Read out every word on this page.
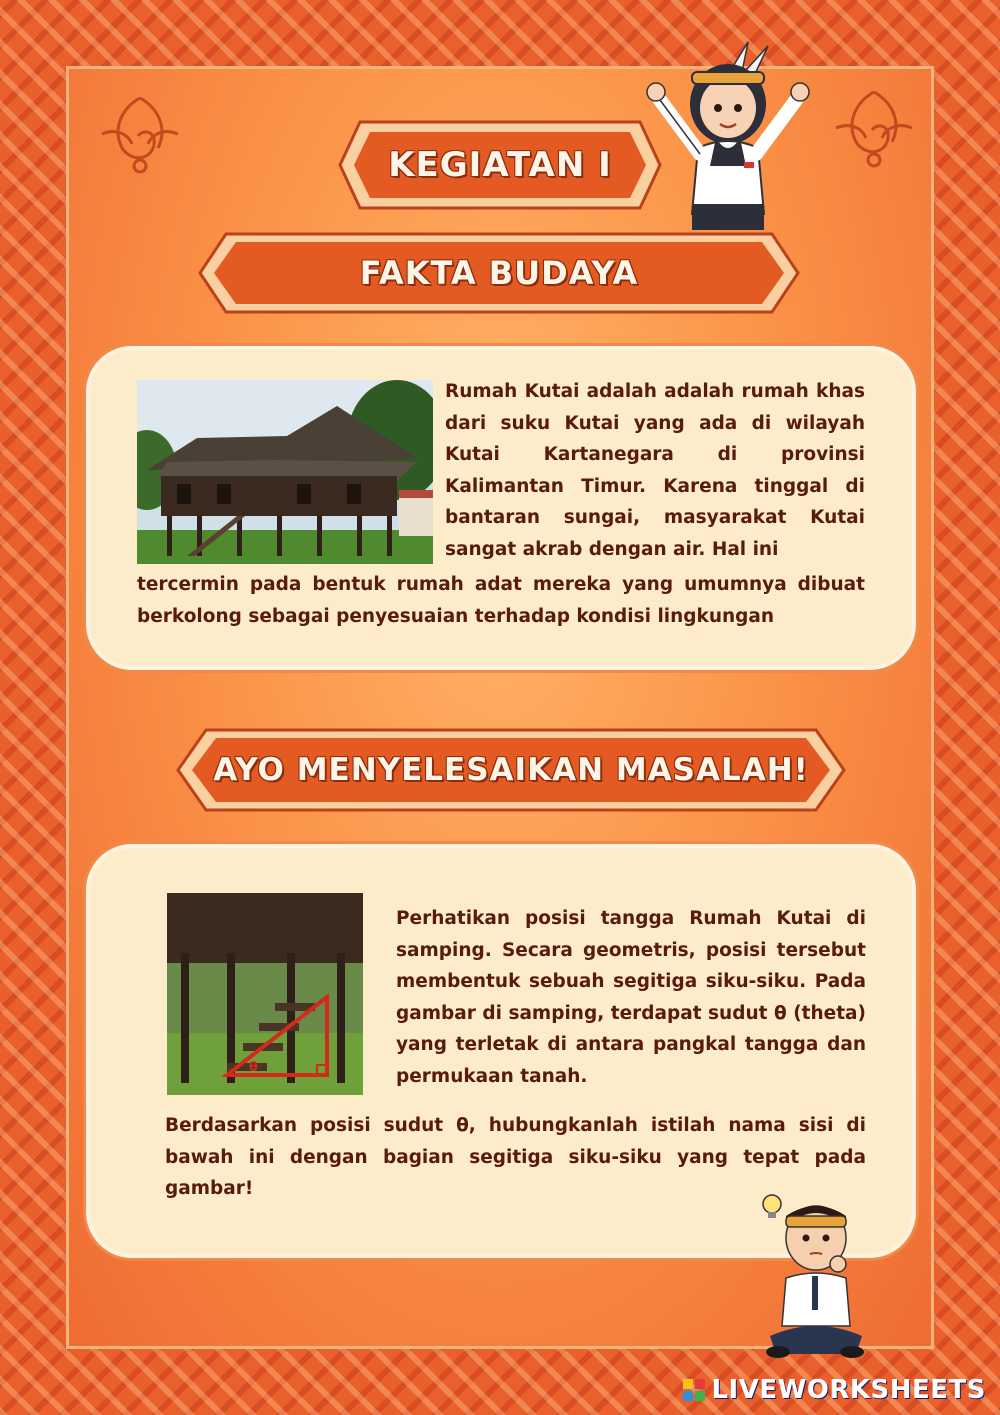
KEGIATAN I
FAKTA BUDAYA
Rumah Kutai adalah adalah rumah khas dari suku Kutai yang ada di wilayah Kutai Kartanegara di provinsi Kalimantan Timur. Karena tinggal di bantaran sungai, masyarakat Kutai sangat akrab dengan air. Hal ini
tercermin pada bentuk rumah adat mereka yang umumnya dibuat berkolong sebagai penyesuaian terhadap kondisi lingkungan
AYO MENYELESAIKAN MASALAH!
θ
Perhatikan posisi tangga Rumah Kutai di samping. Secara geometris, posisi tersebut membentuk sebuah segitiga siku-siku. Pada gambar di samping, terdapat sudut θ (theta) yang terletak di antara pangkal tangga dan permukaan tanah.
Berdasarkan posisi sudut θ, hubungkanlah istilah nama sisi di bawah ini dengan bagian segitiga siku-siku yang tepat pada gambar!
LIVEWORKSHEETS
